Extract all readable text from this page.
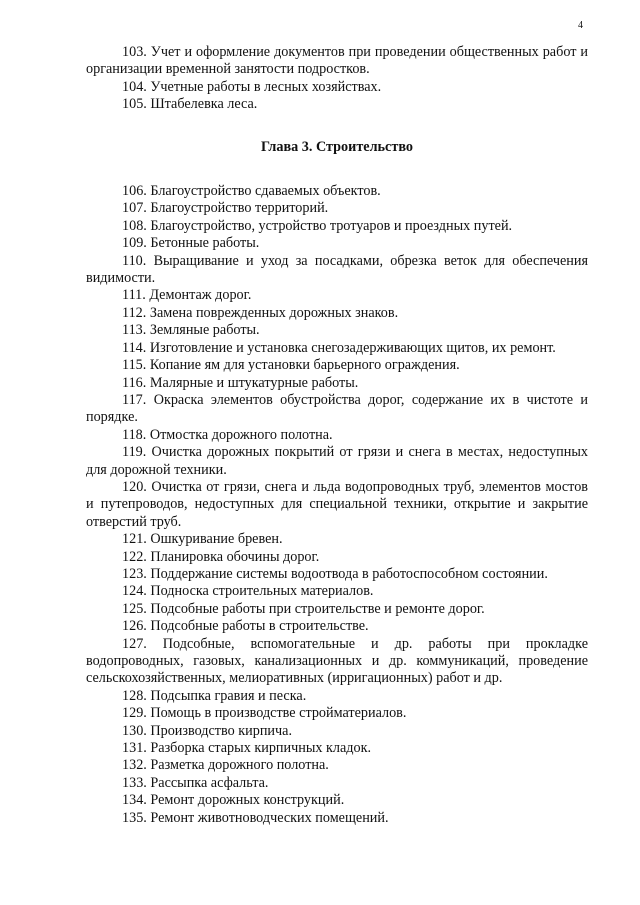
4

103. Учет и оформление документов при проведении общественных работ и организации временной занятости подростков.

104. Учетные работы в лесных хозяйствах.

105. Штабелевка леса.

Глава 3. Строительство

106. Благоустройство сдаваемых объектов.

107. Благоустройство территорий.

108. Благоустройство, устройство тротуаров и проездных путей.

109. Бетонные работы.

110. Выращивание и уход за посадками, обрезка веток для обеспечения видимости.

111. Демонтаж дорог.

112. Замена поврежденных дорожных знаков.

113. Земляные работы.

114. Изготовление и установка снегозадерживающих щитов, их ремонт.

115. Копание ям для установки барьерного ограждения.

116. Малярные и штукатурные работы.

117. Окраска элементов обустройства дорог, содержание их в чистоте и порядке.

118. Отмостка дорожного полотна.

119. Очистка дорожных покрытий от грязи и снега в местах, недоступных для дорожной техники.

120. Очистка от грязи, снега и льда водопроводных труб, элементов мостов и путепроводов, недоступных для специальной техники, открытие и закрытие отверстий труб.

121. Ошкуривание бревен.

122. Планировка обочины дорог.

123. Поддержание системы водоотвода в работоспособном состоянии.

124. Подноска строительных материалов.

125. Подсобные работы при строительстве и ремонте дорог.

126. Подсобные работы в строительстве.

127. Подсобные, вспомогательные и др. работы при прокладке водопроводных, газовых, канализационных и др. коммуникаций, проведение сельскохозяйственных, мелиоративных (ирригационных) работ и др.

128. Подсыпка гравия и песка.

129. Помощь в производстве стройматериалов.

130. Производство кирпича.

131. Разборка старых кирпичных кладок.

132. Разметка дорожного полотна.

133. Рассыпка асфальта.

134. Ремонт дорожных конструкций.

135. Ремонт животноводческих помещений.
